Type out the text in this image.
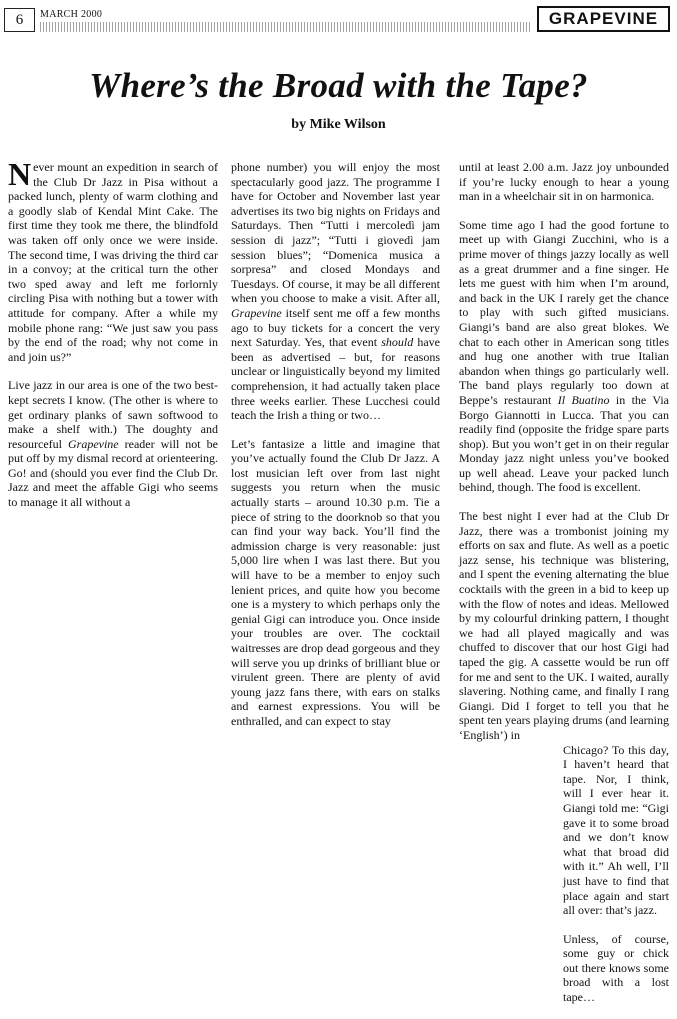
6	MARCH 2000	GRAPEVINE
Where’s the Broad with the Tape?
by Mike Wilson

Never mount an expedition in search of the Club Dr Jazz in Pisa without a packed lunch, plenty of warm clothing and a goodly slab of Kendal Mint Cake. The first time they took me there, the blindfold was taken off only once we were inside. The second time, I was driving the third car in a convoy; at the critical turn the other two sped away and left me forlornly circling Pisa with nothing but a tower with attitude for company. After a while my mobile phone rang: “We just saw you pass by the end of the road; why not come in and join us?”

Live jazz in our area is one of the two best-kept secrets I know. (The other is where to get ordinary planks of sawn softwood to make a shelf with.) The doughty and resourceful Grapevine reader will not be put off by my dismal record at orienteering. Go! and (should you ever find the Club Dr. Jazz and meet the affable Gigi who seems to manage it all without a

phone number) you will enjoy the most spectacularly good jazz. The programme I have for October and November last year advertises its two big nights on Fridays and Saturdays. Then “Tutti i mercoledì jam session di jazz”; “Tutti i giovedì jam session blues”; “Domenica musica a sorpresa” and closed Mondays and Tuesdays. Of course, it may be all different when you choose to make a visit. After all, Grapevine itself sent me off a few months ago to buy tickets for a concert the very next Saturday. Yes, that event should have been as advertised – but, for reasons unclear or linguistically beyond my limited comprehension, it had actually taken place three weeks earlier. These Lucchesi could teach the Irish a thing or two…

Let’s fantasize a little and imagine that you’ve actually found the Club Dr Jazz. A lost musician left over from last night suggests you return when the music actually starts – around 10.30 p.m. Tie a piece of string to the doorknob so that you can find your way back. You’ll find the admission charge is very reasonable: just 5,000 lire when I was last there. But you will have to be a member to enjoy such lenient prices, and quite how you become one is a mystery to which perhaps only the genial Gigi can introduce you. Once inside your troubles are over. The cocktail waitresses are drop dead gorgeous and they will serve you up drinks of brilliant blue or virulent green. There are plenty of avid young jazz fans there, with ears on stalks and earnest expressions. You will be enthralled, and can expect to stay

until at least 2.00 a.m. Jazz joy unbounded if you’re lucky enough to hear a young man in a wheelchair sit in on harmonica.

Some time ago I had the good fortune to meet up with Giangi Zucchini, who is a prime mover of things jazzy locally as well as a great drummer and a fine singer. He lets me guest with him when I’m around, and back in the UK I rarely get the chance to play with such gifted musicians. Giangi’s band are also great blokes. We chat to each other in American song titles and hug one another with true Italian abandon when things go particularly well. The band plays regularly too down at Beppe’s restaurant Il Buatino in the Via Borgo Giannotti in Lucca. That you can readily find (opposite the fridge spare parts shop). But you won’t get in on their regular Monday jazz night unless you’ve booked up well ahead. Leave your packed lunch behind, though. The food is excellent.

The best night I ever had at the Club Dr Jazz, there was a trombonist joining my efforts on sax and flute. As well as a poetic jazz sense, his technique was blistering, and I spent the evening alternating the blue cocktails with the green in a bid to keep up with the flow of notes and ideas. Mellowed by my colourful drinking pattern, I thought we had all played magically and was chuffed to discover that our host Gigi had taped the gig. A cassette would be run off for me and sent to the UK. I waited, aurally slavering. Nothing came, and finally I rang Giangi. Did I forget to tell you that he spent ten years playing drums (and learning ‘English’) in

Chicago? To this day, I haven’t heard that tape. Nor, I think, will I ever hear it. Giangi told me: “Gigi gave it to some broad and we don’t know what that broad did with it.” Ah well, I’ll just have to find that place again and start all over: that’s jazz.

Unless, of course, some guy or chick out there knows some broad with a lost tape…
